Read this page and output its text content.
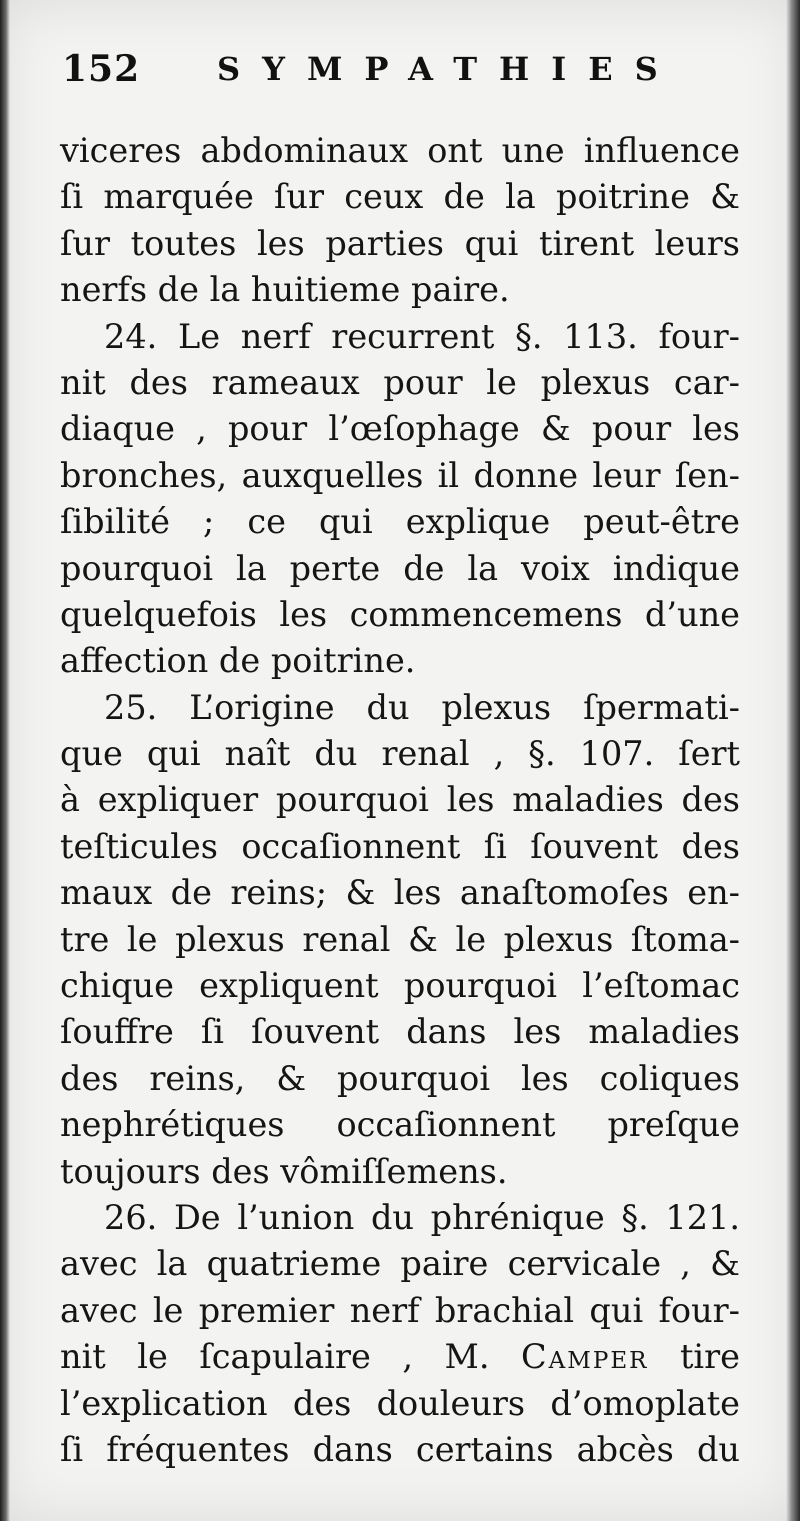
152 SYMPATHIES
viceres abdominaux ont une influence
ſi marquée ſur ceux de la poitrine &
ſur toutes les parties qui tirent leurs
nerfs de la huitieme paire.
24. Le nerf recurrent §. 113. four-
nit des rameaux pour le plexus car-
diaque , pour l’œſophage & pour les
bronches, auxquelles il donne leur ſen-
ſibilité ; ce qui explique peut-être
pourquoi la perte de la voix indique
quelquefois les commencemens d’une
affection de poitrine.
25. L’origine du plexus ſpermati-
que qui naît du renal , §. 107. ſert
à expliquer pourquoi les maladies des
teſticules occaſionnent ſi ſouvent des
maux de reins; & les anaſtomoſes en-
tre le plexus renal & le plexus ſtoma-
chique expliquent pourquoi l’eſtomac
ſouffre ſi ſouvent dans les maladies
des reins, & pourquoi les coliques
nephrétiques occaſionnent preſque
toujours des vômiſſemens.
26. De l’union du phrénique §. 121.
avec la quatrieme paire cervicale , &
avec le premier nerf brachial qui four-
nit le ſcapulaire , M. Camper tire
l’explication des douleurs d’omoplate
ſi fréquentes dans certains abcès du
